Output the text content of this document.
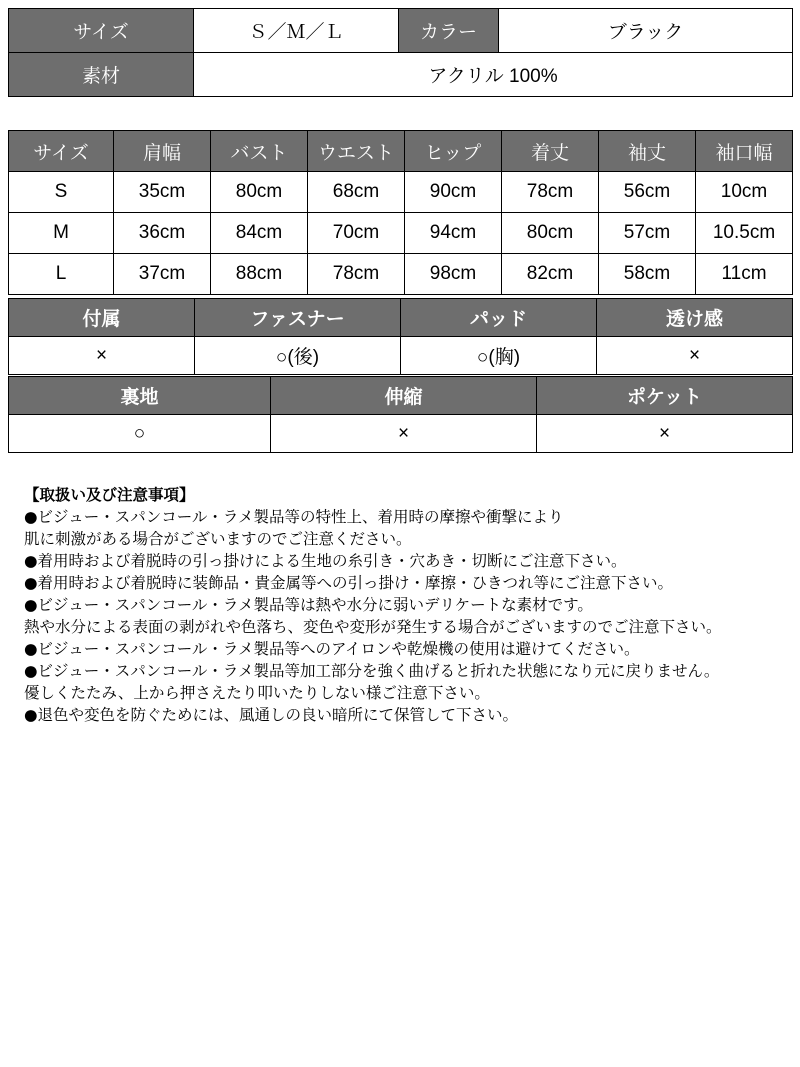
サイズ	Ｓ／Ｍ／Ｌ	カラー	ブラック
素材	アクリル 100%		
サイズ	肩幅	バスト	ウエスト	ヒップ	着丈	袖丈	袖口幅
S	35cm	80cm	68cm	90cm	78cm	56cm	10cm
M	36cm	84cm	70cm	94cm	80cm	57cm	10.5cm
L	37cm	88cm	78cm	98cm	82cm	58cm	11cm
付属	ファスナー	パッド	透け感
×	○(後)	○(胸)	×
裏地	伸縮	ポケット
○	×	×
【取扱い及び注意事項】
●ビジュー・スパンコール・ラメ製品等の特性上、着用時の摩擦や衝撃により
肌に刺激がある場合がございますのでご注意ください。
●着用時および着脱時の引っ掛けによる生地の糸引き・穴あき・切断にご注意下さい。
●着用時および着脱時に装飾品・貴金属等への引っ掛け・摩擦・ひきつれ等にご注意下さい。
●ビジュー・スパンコール・ラメ製品等は熱や水分に弱いデリケートな素材です。
熱や水分による表面の剥がれや色落ち、変色や変形が発生する場合がございますのでご注意下さい。
●ビジュー・スパンコール・ラメ製品等へのアイロンや乾燥機の使用は避けてください。
●ビジュー・スパンコール・ラメ製品等加工部分を強く曲げると折れた状態になり元に戻りません。
優しくたたみ、上から押さえたり叩いたりしない様ご注意下さい。
●退色や変色を防ぐためには、風通しの良い暗所にて保管して下さい。
